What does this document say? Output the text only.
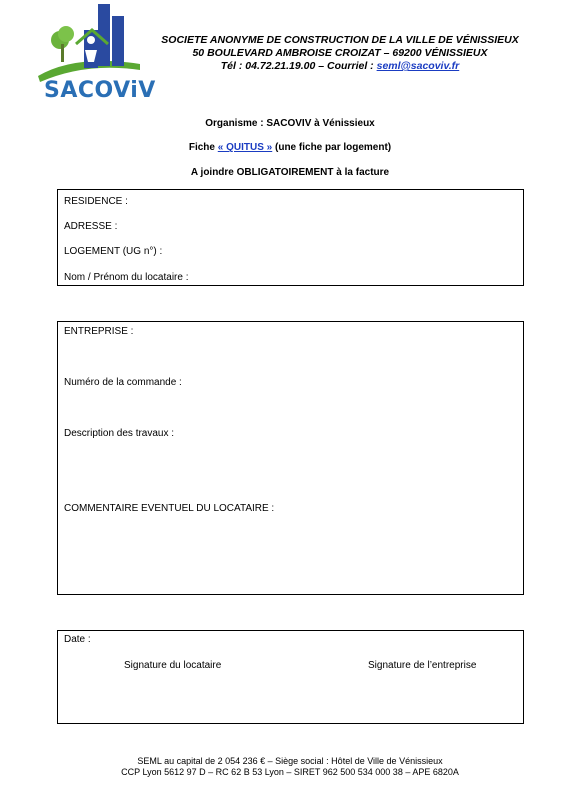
SACOViV
SOCIETE ANONYME DE CONSTRUCTION DE LA VILLE DE VÉNISSIEUX
50 BOULEVARD AMBROISE CROIZAT – 69200 VÉNISSIEUX
Tél : 04.72.21.19.00 – Courriel : seml@sacoviv.fr
Organisme : SACOVIV à Vénissieux
Fiche « QUITUS » (une fiche par logement)
A joindre OBLIGATOIREMENT à la facture
RESIDENCE :
ADRESSE :
LOGEMENT (UG n°) :
Nom / Prénom du locataire :
ENTREPRISE :
Numéro de la commande :
Description des travaux :
COMMENTAIRE EVENTUEL DU LOCATAIRE :
Date :
Signature du locataire	Signature de l’entreprise
SEML au capital de 2 054 236 € – Siège social : Hôtel de Ville de Vénissieux
CCP Lyon 5612 97 D – RC 62 B 53 Lyon – SIRET 962 500 534 000 38 – APE 6820A
